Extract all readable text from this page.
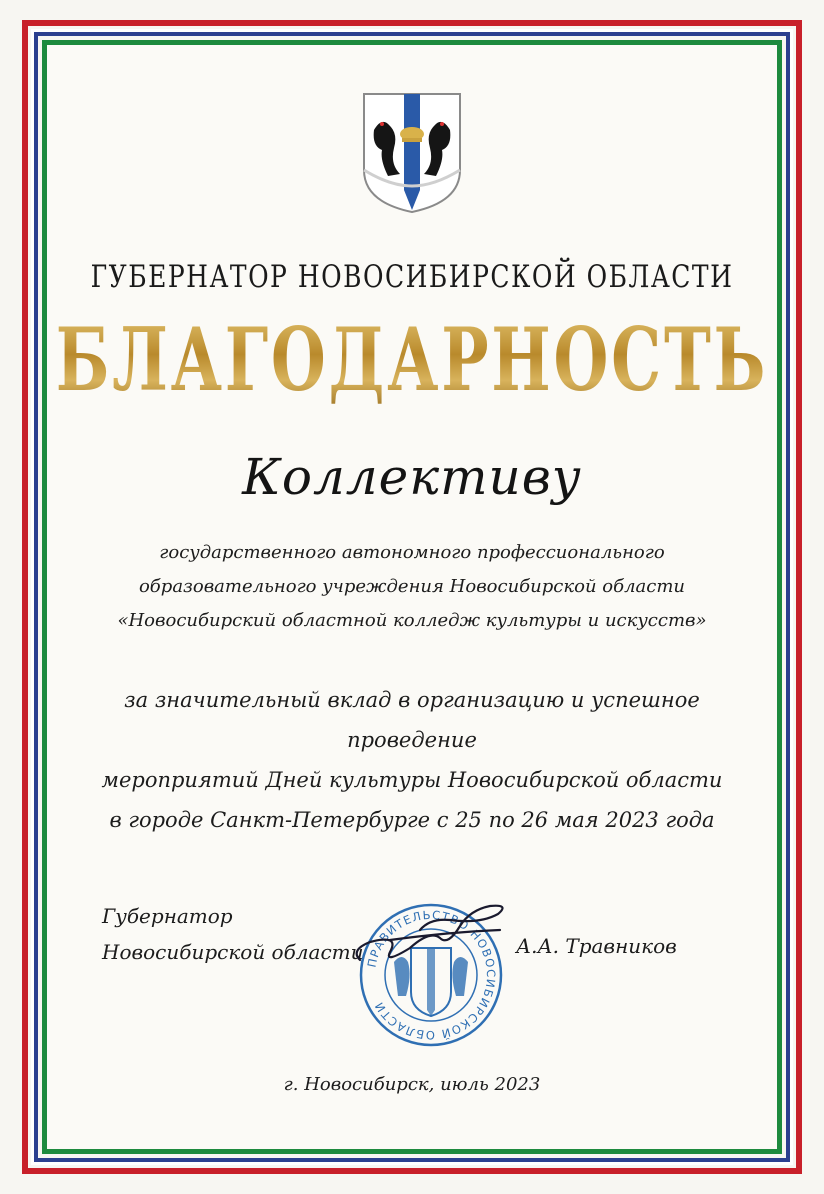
ГУБЕРНАТОР НОВОСИБИРСКОЙ ОБЛАСТИ
БЛАГОДАРНОСТЬ
Коллективу
государственного автономного профессионального
образовательного учреждения Новосибирской области
«Новосибирский областной колледж культуры и искусств»
за значительный вклад в организацию и успешное проведение
мероприятий Дней культуры Новосибирской области
в городе Санкт-Петербурге с 25 по 26 мая 2023 года
Губернатор
Новосибирской области ПРАВИТЕЛЬСТВО НОВОСИБИРСКОЙ ОБЛАСТИ
А.А. Травников
г. Новосибирск, июль 2023
